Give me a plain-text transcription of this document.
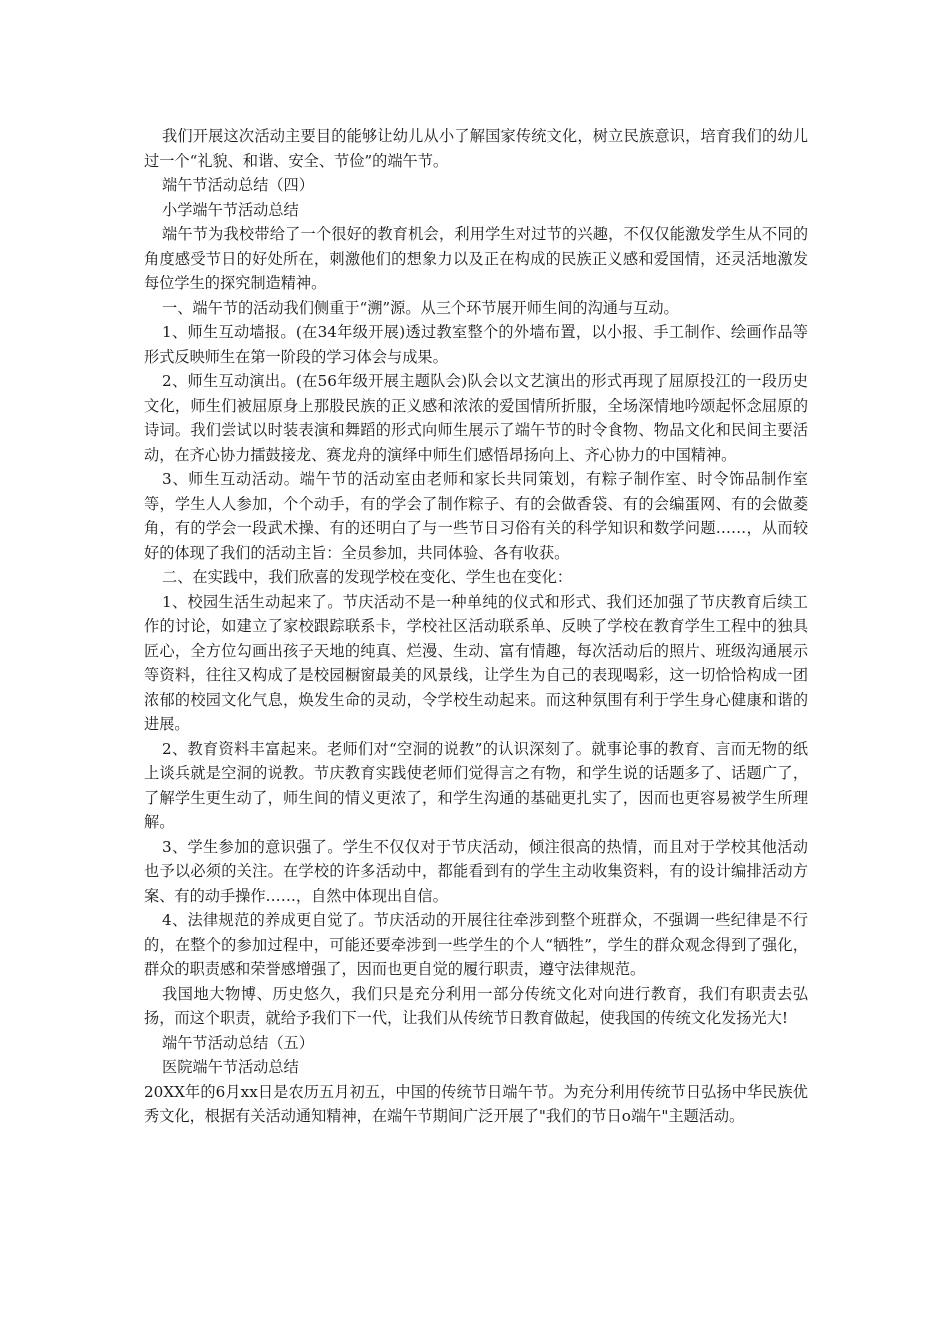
我们开展这次活动主要目的能够让幼儿从小了解国家传统文化，树立民族意识，培育我们的幼儿过一个“礼貌、和谐、安全、节俭”的端午节。

端午节活动总结（四）

小学端午节活动总结

端午节为我校带给了一个很好的教育机会，利用学生对过节的兴趣，不仅仅能激发学生从不同的角度感受节日的好处所在，刺激他们的想象力以及正在构成的民族正义感和爱国情，还灵活地激发每位学生的探究制造精神。

一、端午节的活动我们侧重于“溯”源。从三个环节展开师生间的沟通与互动。

1、师生互动墙报。(在34年级开展)透过教室整个的外墙布置，以小报、手工制作、绘画作品等形式反映师生在第一阶段的学习体会与成果。

2、师生互动演出。(在56年级开展主题队会)队会以文艺演出的形式再现了屈原投江的一段历史文化，师生们被屈原身上那股民族的正义感和浓浓的爱国情所折服，全场深情地吟颂起怀念屈原的诗词。我们尝试以时装表演和舞蹈的形式向师生展示了端午节的时令食物、物品文化和民间主要活动，在齐心协力擂鼓接龙、赛龙舟的演绎中师生们感悟昂扬向上、齐心协力的中国精神。

3、师生互动活动。端午节的活动室由老师和家长共同策划，有粽子制作室、时令饰品制作室等，学生人人参加，个个动手，有的学会了制作粽子、有的会做香袋、有的会编蛋网、有的会做菱角，有的学会一段武术操、有的还明白了与一些节日习俗有关的科学知识和数学问题……，从而较好的体现了我们的活动主旨：全员参加，共同体验、各有收获。

二、在实践中，我们欣喜的发现学校在变化、学生也在变化：

1、校园生活生动起来了。节庆活动不是一种单纯的仪式和形式、我们还加强了节庆教育后续工作的讨论，如建立了家校跟踪联系卡，学校社区活动联系单、反映了学校在教育学生工程中的独具匠心，全方位勾画出孩子天地的纯真、烂漫、生动、富有情趣，每次活动后的照片、班级沟通展示等资料，往往又构成了是校园橱窗最美的风景线，让学生为自己的表现喝彩，这一切恰恰构成一团浓郁的校园文化气息，焕发生命的灵动，令学校生动起来。而这种氛围有利于学生身心健康和谐的进展。

2、教育资料丰富起来。老师们对“空洞的说教”的认识深刻了。就事论事的教育、言而无物的纸上谈兵就是空洞的说教。节庆教育实践使老师们觉得言之有物，和学生说的话题多了、话题广了，了解学生更生动了，师生间的情义更浓了，和学生沟通的基础更扎实了，因而也更容易被学生所理解。

3、学生参加的意识强了。学生不仅仅对于节庆活动，倾注很高的热情，而且对于学校其他活动也予以必须的关注。在学校的许多活动中，都能看到有的学生主动收集资料，有的设计编排活动方案、有的动手操作……，自然中体现出自信。

4、法律规范的养成更自觉了。节庆活动的开展往往牵涉到整个班群众，不强调一些纪律是不行的，在整个的参加过程中，可能还要牵涉到一些学生的个人“牺牲”，学生的群众观念得到了强化，群众的职责感和荣誉感增强了，因而也更自觉的履行职责，遵守法律规范。

我国地大物博、历史悠久，我们只是充分利用一部分传统文化对向进行教育，我们有职责去弘扬，而这个职责，就给予我们下一代，让我们从传统节日教育做起，使我国的传统文化发扬光大!

端午节活动总结（五）

医院端午节活动总结

20XX年的6月xx日是农历五月初五，中国的传统节日端午节。为充分利用传统节日弘扬中华民族优秀文化，根据有关活动通知精神，在端午节期间广泛开展了"我们的节日o端午"主题活动。
